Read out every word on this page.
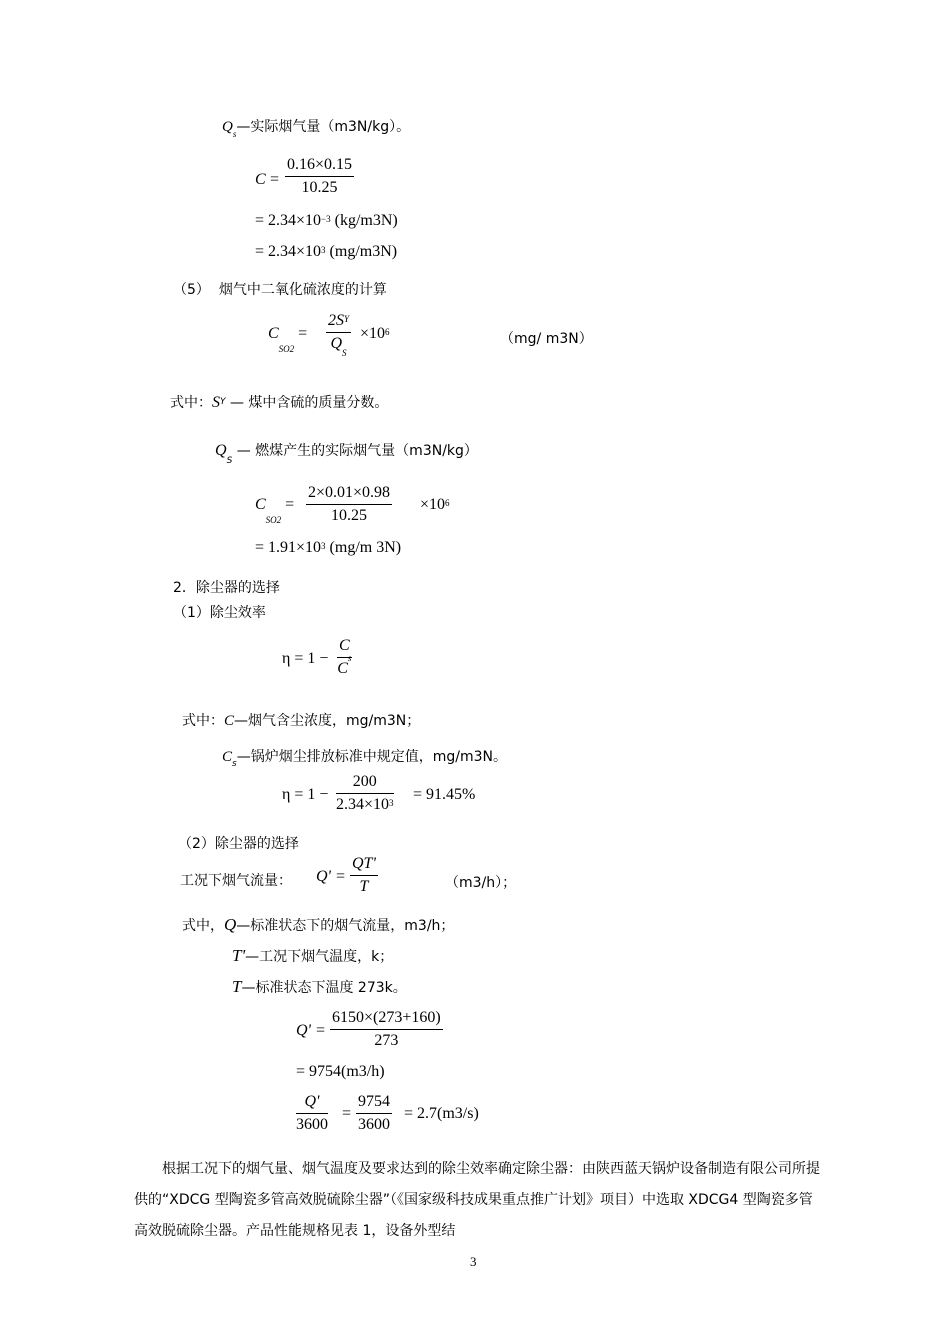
$Q_s—$实际烟气量（m3N/kg）。
$C = \frac{0.16\times 0.15}{10.25}$
= 2.34×10−3 (kg/m3N)
= 2.34×103 (mg/m3N)
（5） 烟气中二氧化硫浓度的计算
$C_{SO2} = \frac{2SY}{Q_S} \times 106$	（mg/ m3N）
式中：$S^Y$ — 煤中含硫的质量分数。
$Q_S$ — 燃煤产生的实际烟气量（m3N/kg）
$C_{SO2} = \frac{2\times 0.01\times 0.98}{10.25} \times 106$
= 1.91×103 (mg/m 3N)
2．除尘器的选择
（1）除尘效率
$\eta = 1 - \frac{C}{C^s}$
式中：C—烟气含尘浓度，mg/m3N；
$C_s—$锅炉烟尘排放标准中规定值，mg/m3N。
$\eta = 1 - \frac{200}{2.34\times 103} = 91.45\%$
（2）除尘器的选择
工况下烟气流量： $Q' = \frac{QT'}{T}$	（m3/h）；
式中，Q—标准状态下的烟气流量，m3/h；
T'—工况下烟气温度，k；
T—标准状态下温度 273k。
$Q' = \frac{6150\times(273+160)}{273}$
= 9754(m3/h)
$\frac{Q'}{3600} = \frac{9754}{3600} = 2.7(m3/s)$
根据工况下的烟气量、烟气温度及要求达到的除尘效率确定除尘器：由陕西蓝天锅炉设备制造有限公司所提供的“XDCG 型陶瓷多管高效脱硫除尘器”（《国家级科技成果重点推广计划》项目）中选取 XDCG4 型陶瓷多管高效脱硫除尘器。产品性能规格见表 1，设备外型结
3
